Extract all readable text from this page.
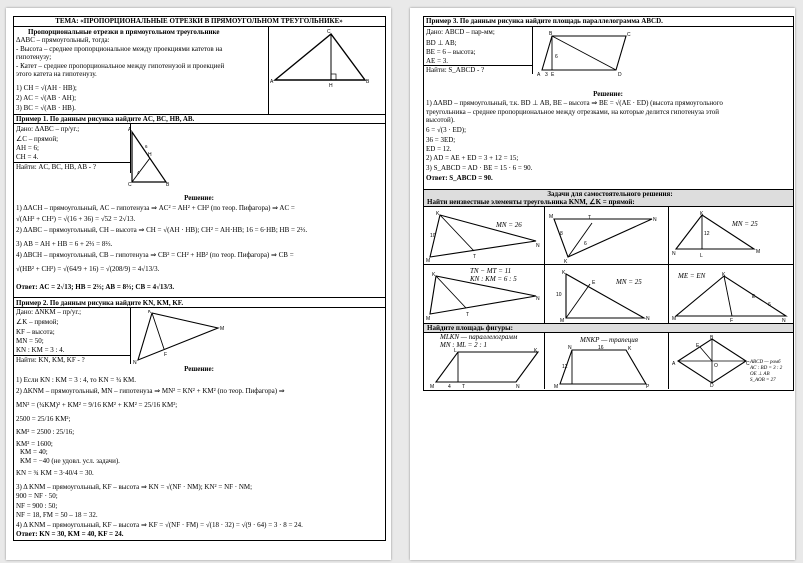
ТЕМА: «ПРОПОРЦИОНАЛЬНЫЕ ОТРЕЗКИ В ПРЯМОУГОЛЬНОМ ТРЕУГОЛЬНИКЕ»
Пропорциональные отрезки в прямоугольном треугольнике
ΔABC – прямоугольный, тогда:
- Высота – среднее пропорциональное между проекциями катетов на
гипотенузу;
- Катет – среднее пропорциональное между гипотенузой и проекцией
этого катета на гипотенузу.
1) CH = √(AH · HB);
2) AC = √(AB · AH);
3) BC = √(AB · HB).
A
C
H
B
Пример 1. По данным рисунка найдите AC, BC, HB, AB.
Дано: ΔABC – пр/уг.;
∠C – прямой;
AH = 6;
CH = 4.
Найти: AC, BC, HB, AB - ?
A
H
C	B
6
4
Решение:
1) ΔACH – прямоугольный, AC – гипотенуза ⇒ AC² = AH² + CH² (по теор. Пифагора) ⇒ AC =
√(AH² + CH²) = √(16 + 36) = √52 = 2√13.
2) ΔABC – прямоугольный, CH – высота ⇒ CH = √(AH · HB); CH² = AH·HB; 16 = 6·HB; HB = 2⅔.
3) AB = AH + HB = 6 + 2⅔ = 8⅔.
4) ΔBCH – прямоугольный, CB – гипотенуза ⇒ CB² = CH² + HB² (по теор. Пифагора) ⇒ CB =
√(HB² + CH²) = √(64/9 + 16) = √(208/9) = 4√13/3.
Ответ: AC = 2√13; HB = 2⅔; AB = 8⅔; CB = 4√13/3.
Пример 2. По данным рисунка найдите KN, KM, KF.
Дано: ΔNKM – пр/уг.;
∠K – прямой;
KF – высота;
MN = 50;
KN : KM = 3 : 4.
Найти: KN, KM, KF - ?
K
N
M
F
Решение:
1) Если KN : KM = 3 : 4, то KN = ¾ KM.
2) ΔKNM – прямоугольный, MN – гипотенуза ⇒ MN² = KN² + KM² (по теор. Пифагора) ⇒
MN² = (¾KM)² + KM² = 9/16 KM² + KM² = 25/16 KM²;
2500 = 25/16 KM²;
KM² = 2500 : 25/16;
KM² = 1600;
KM = 40;
KM = −40 (не удовл. усл. задачи).
KN = ¾ KM = 3·40/4 = 30.
3) Δ KNM – прямоугольный, KF – высота ⇒ KN = √(NF · NM); KN² = NF · NM;
900 = NF · 50;
NF = 900 : 50;
NF = 18, FM = 50 – 18 = 32.
4) Δ KNM – прямоугольный, KF – высота ⇒ KF = √(NF · FM) = √(18 · 32) = √(9 · 64) = 3 · 8 = 24.
Ответ: KN = 30, KM = 40, KF = 24.
Пример 3. По данным рисунка найдите площадь параллелограмма ABCD.
Дано: ABCD – пар-мм;
BD ⊥ AB;
BE = 6 – высота;
AE = 3.
Найти: S_ABCD - ?
B	C
A E	D
6
3
Решение:
1) ΔABD – прямоугольный, т.к. BD ⊥ AB, BE – высота ⇒ BE = √(AE · ED) (высота прямоугольного
треугольника – среднее пропорциональное между отрезками, на которые делится гипотенуза этой
высотой).
6 = √(3 · ED);
36 = 3ED;
ED = 12.
2) AD = AE + ED = 3 + 12 = 15;
3) S_ABCD = AD · BE = 15 · 6 = 90.
Ответ: S_ABCD = 90.
Задачи для самостоятельного решения:
Найти неизвестные элементы треугольника KNM, ∠K = прямой:
K
M
N
T
10
MN = 26
M
K
N
T
6
8
K
N	M
L
12
MN = 25
TN − MT = 11
KN : KM = 6 : 5
K
M
N
T
K
M	N
E
10
MN = 25
ME = EN	K
M	N
F
E
6
Найдите площадь фигуры:
MLKN — параллелограмм
MN : ML = 2 : 1
M
L	K
N
4 T
MNKP — трапеция
N	K
M	P
12
16
B
C
D
A
E
O
ABCD — ромб
AC : BD = 3 : 2
OE ⊥ AB
S_AOB = 27
